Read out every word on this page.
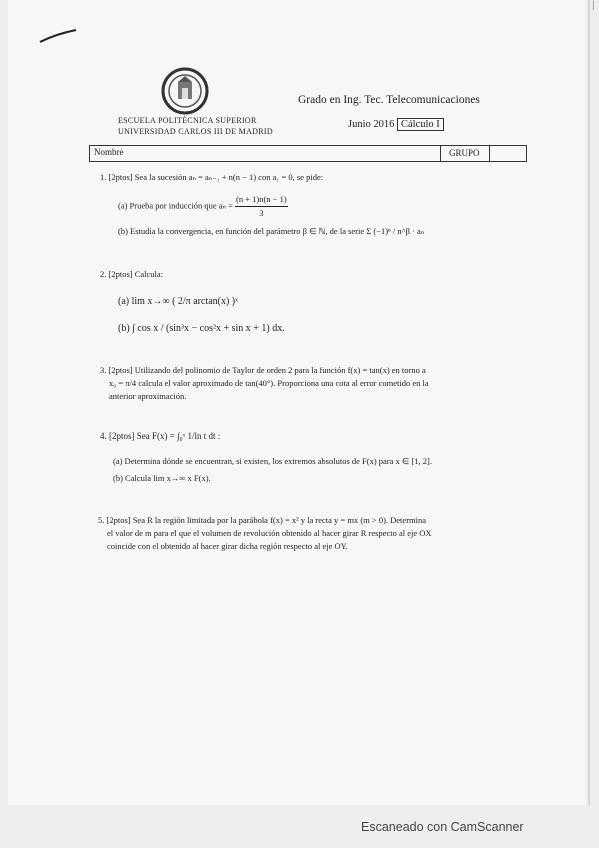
|
ESCUELA POLITÉCNICA SUPERIOR
UNIVERSIDAD CARLOS III DE MADRID
Grado en Ing. Tec. Telecomunicaciones
Junio 2016 Cálculo I
Nombre	GRUPO
1. [2ptos] Sea la sucesión aₙ = aₙ₋₁ + n(n − 1) con a₁ = 0, se pide:
(a) Prueba por inducción que $a_n = \frac{(n + 1)n(n - 1)}{3}$
(b) Estudia la convergencia, en función del parámetro β ∈ ℕ, de la serie Σ (−1)ⁿ / n^β · aₙ
2. [2ptos] Calcula:
(a) lim x→∞ ( 2/π arctan(x) )ˣ
(b) ∫ cos x / (sin³x − cos²x + sin x + 1) dx.
3. [2ptos] Utilizando del polinomio de Taylor de orden 2 para la función f(x) = tan(x) en torno a
x₀ = π/4 calcula el valor aproximado de tan(40°). Proporciona una cota al error cometido en la
anterior aproximación.
4. [2ptos] Sea F(x) = ∫₀ˣ 1/ln t dt :
(a) Determina dónde se encuentran, si existen, los extremos absolutos de F(x) para x ∈ [1, 2].
(b) Calcula lim x→∞ x F(x).
5. [2ptos] Sea R la región limitada por la parábola f(x) = x² y la recta y = mx (m > 0). Determina
el valor de m para el que el volumen de revolución obtenido al hacer girar R respecto al eje OX
coincide con el obtenido al hacer girar dicha región respecto al eje OY.
Escaneado con CamScanner
